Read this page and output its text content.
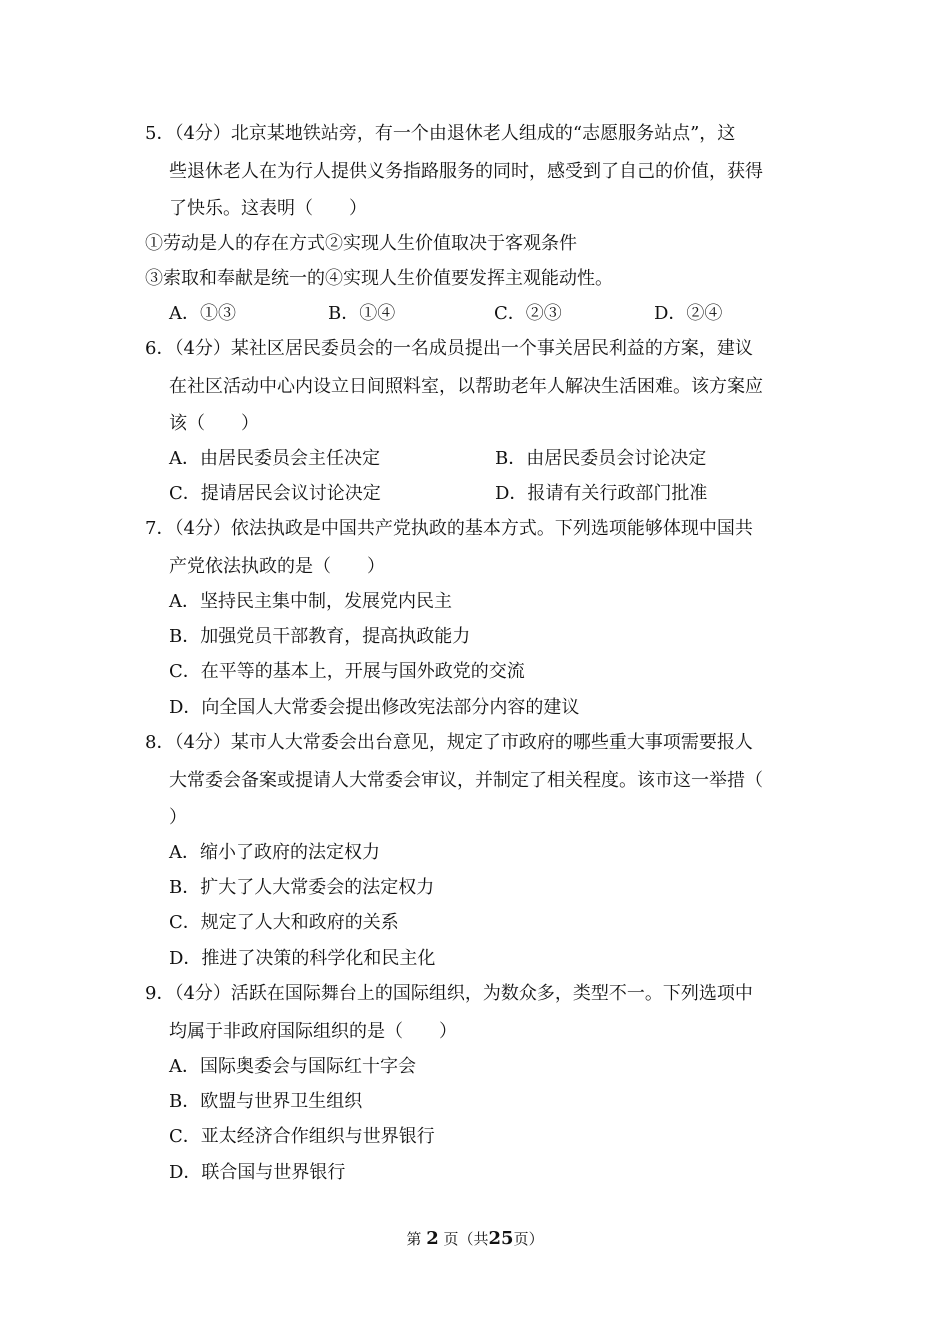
5．（4分）北京某地铁站旁，有一个由退休老人组成的“志愿服务站点”，这
些退休老人在为行人提供义务指路服务的同时，感受到了自己的价值，获得
了快乐。这表明（　　）
①劳动是人的存在方式②实现人生价值取决于客观条件
③索取和奉献是统一的④实现人生价值要发挥主观能动性。
A．①③	B．①④	C．②③	D．②④
6．（4分）某社区居民委员会的一名成员提出一个事关居民利益的方案，建议
在社区活动中心内设立日间照料室，以帮助老年人解决生活困难。该方案应
该（　　）
A．由居民委员会主任决定	B．由居民委员会讨论决定
C．提请居民会议讨论决定	D．报请有关行政部门批准
7．（4分）依法执政是中国共产党执政的基本方式。下列选项能够体现中国共
产党依法执政的是（　　）
A．坚持民主集中制，发展党内民主
B．加强党员干部教育，提高执政能力
C．在平等的基本上，开展与国外政党的交流
D．向全国人大常委会提出修改宪法部分内容的建议
8．（4分）某市人大常委会出台意见，规定了市政府的哪些重大事项需要报人
大常委会备案或提请人大常委会审议，并制定了相关程度。该市这一举措（
）
A．缩小了政府的法定权力
B．扩大了人大常委会的法定权力
C．规定了人大和政府的关系
D．推进了决策的科学化和民主化
9．（4分）活跃在国际舞台上的国际组织，为数众多，类型不一。下列选项中
均属于非政府国际组织的是（　　）
A．国际奥委会与国际红十字会
B．欧盟与世界卫生组织
C．亚太经济合作组织与世界银行
D．联合国与世界银行
第 2 页（共25页）
